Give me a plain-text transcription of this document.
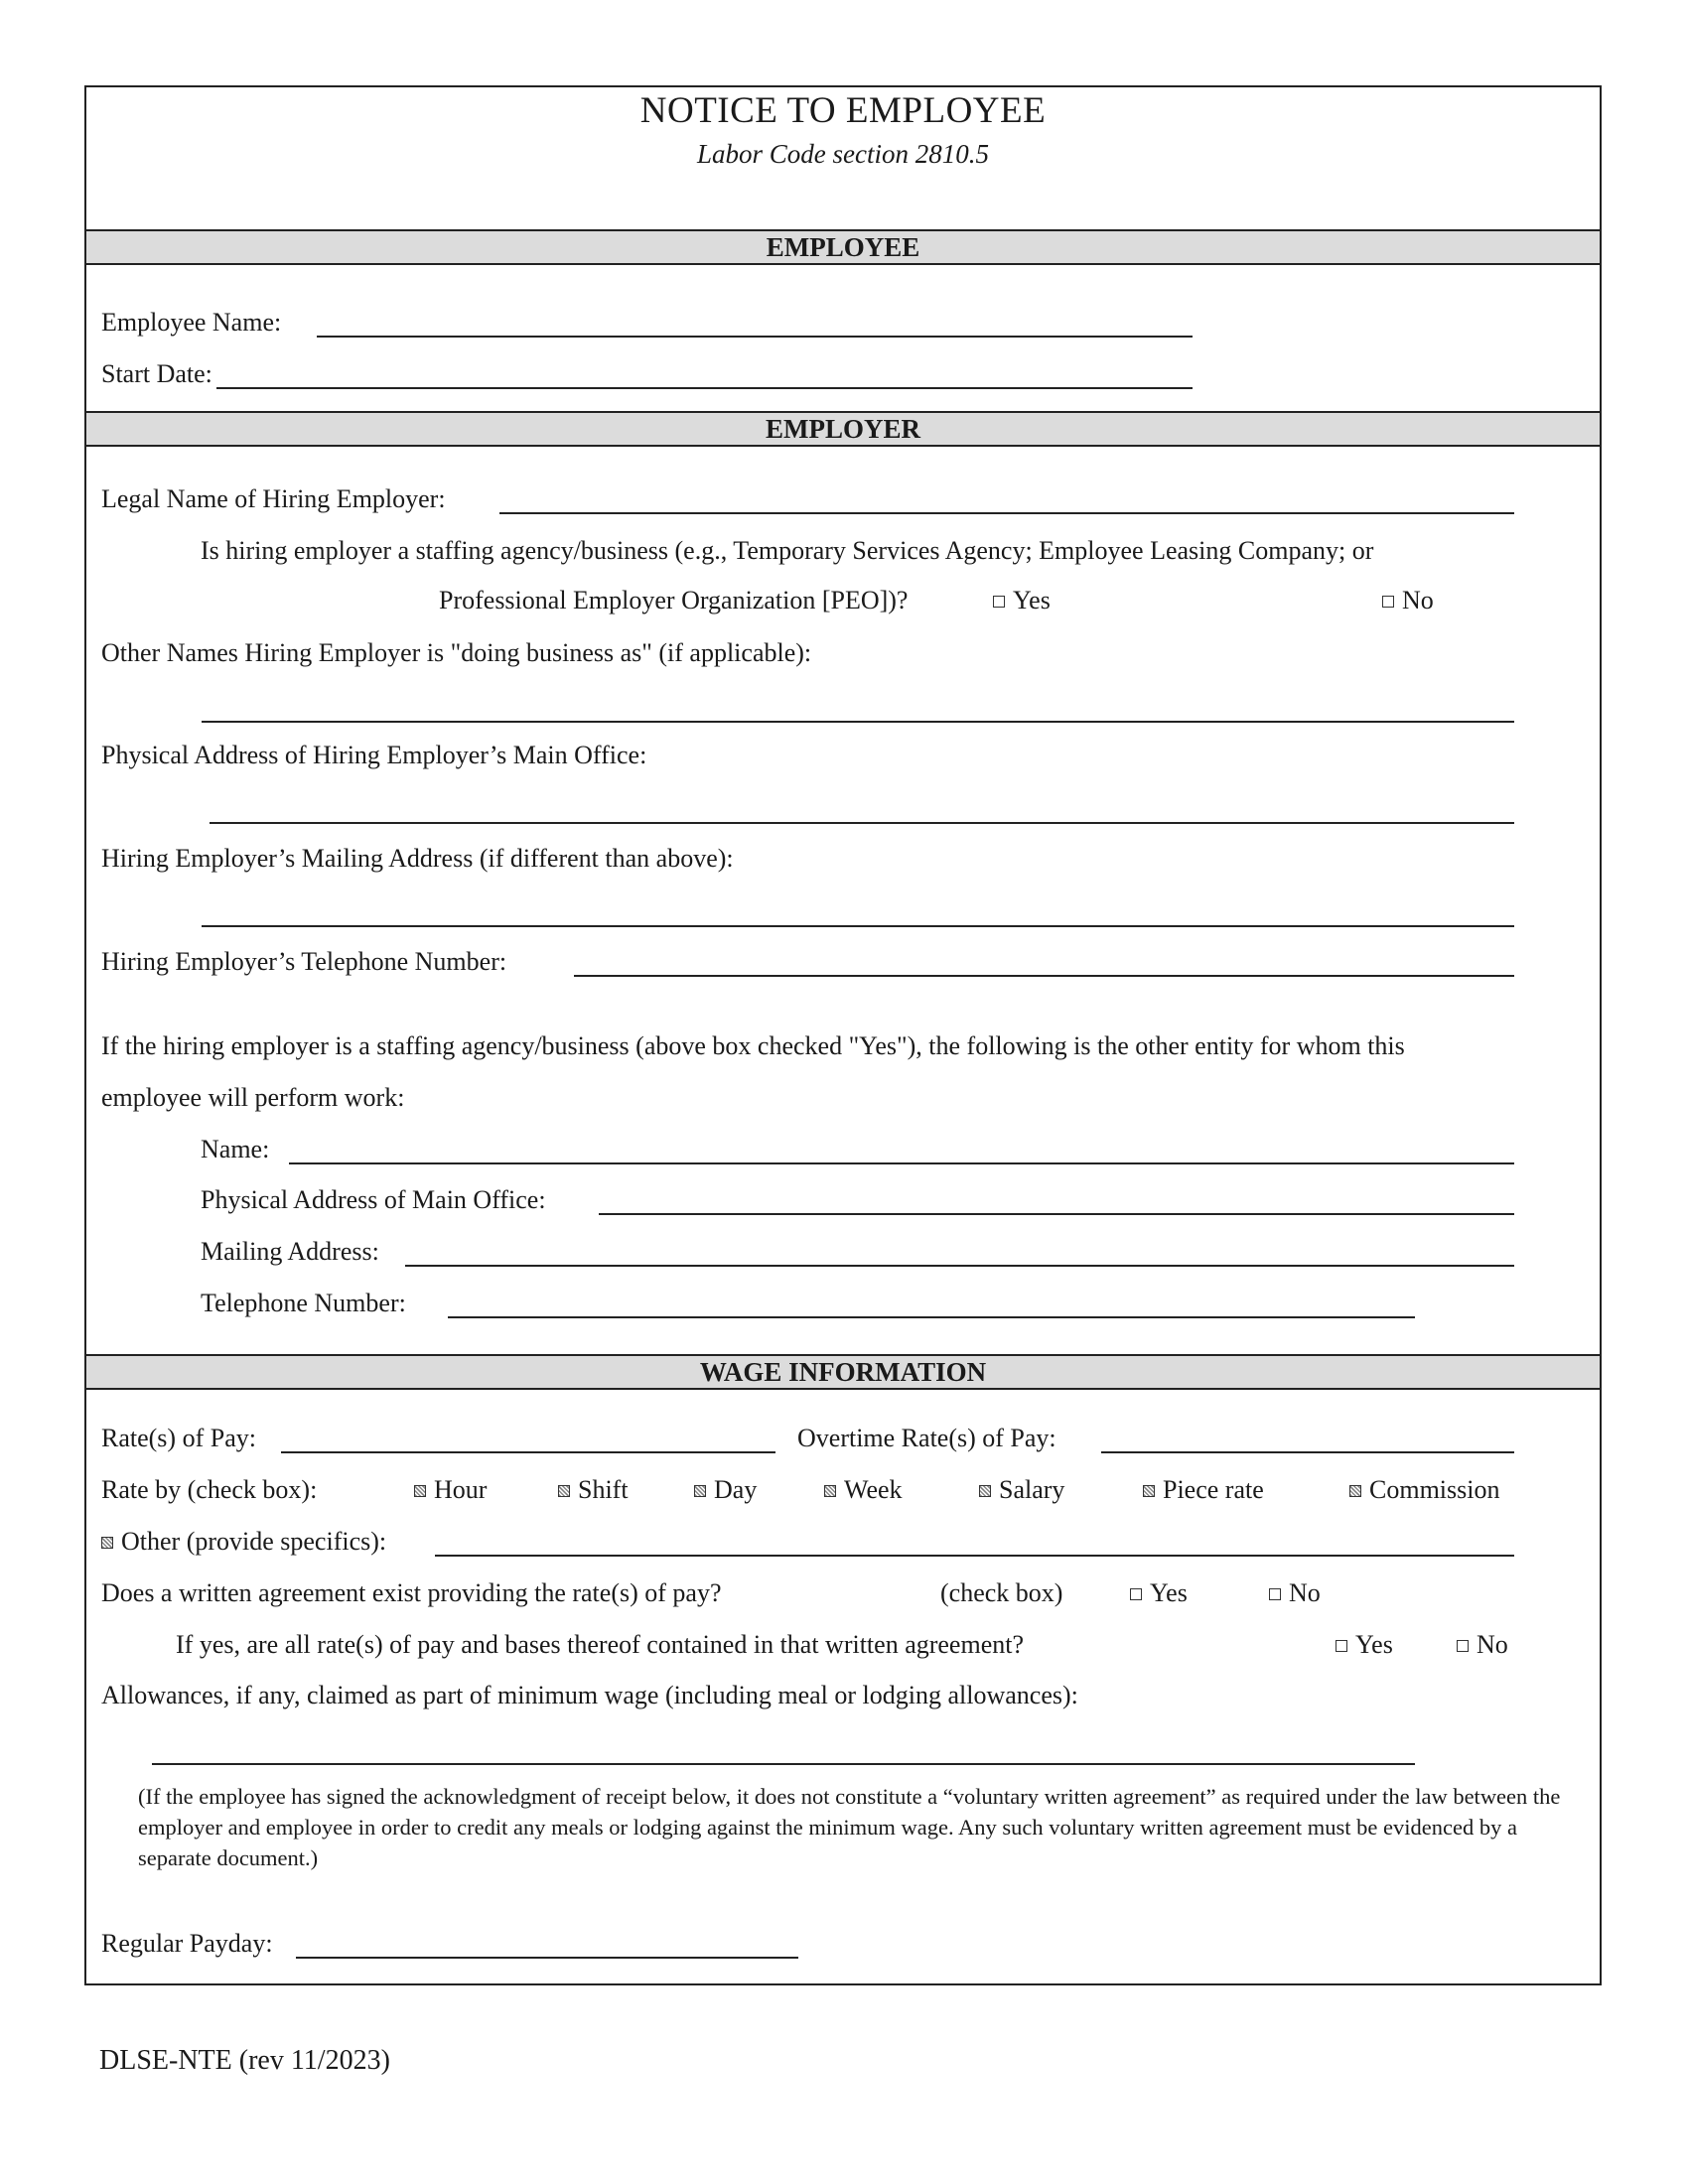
NOTICE TO EMPLOYEE
Labor Code section 2810.5
EMPLOYEE
Employee Name:
Start Date:
EMPLOYER
Legal Name of Hiring Employer:
Is hiring employer a staffing agency/business (e.g., Temporary Services Agency; Employee Leasing Company; or
Professional Employer Organization [PEO])?	Yes	No
Other Names Hiring Employer is "doing business as" (if applicable):
Physical Address of Hiring Employer’s Main Office:
Hiring Employer’s Mailing Address (if different than above):
Hiring Employer’s Telephone Number:
If the hiring employer is a staffing agency/business (above box checked "Yes"), the following is the other entity for whom this
employee will perform work:
Name:
Physical Address of Main Office:
Mailing Address:
Telephone Number:
WAGE INFORMATION
Rate(s) of Pay:	Overtime Rate(s) of Pay:
Rate by (check box):	Hour	Shift	Day	Week	Salary	Piece rate	Commission
Other (provide specifics):
Does a written agreement exist providing the rate(s) of pay?	(check box)	Yes	No
If yes, are all rate(s) of pay and bases thereof contained in that written agreement?	Yes	No
Allowances, if any, claimed as part of minimum wage (including meal or lodging allowances):
(If the employee has signed the acknowledgment of receipt below, it does not constitute a “voluntary written agreement” as required under the law between the employer and employee in order to credit any meals or lodging against the minimum wage. Any such voluntary written agreement must be evidenced by a separate document.)
Regular Payday:
DLSE-NTE (rev 11/2023)
